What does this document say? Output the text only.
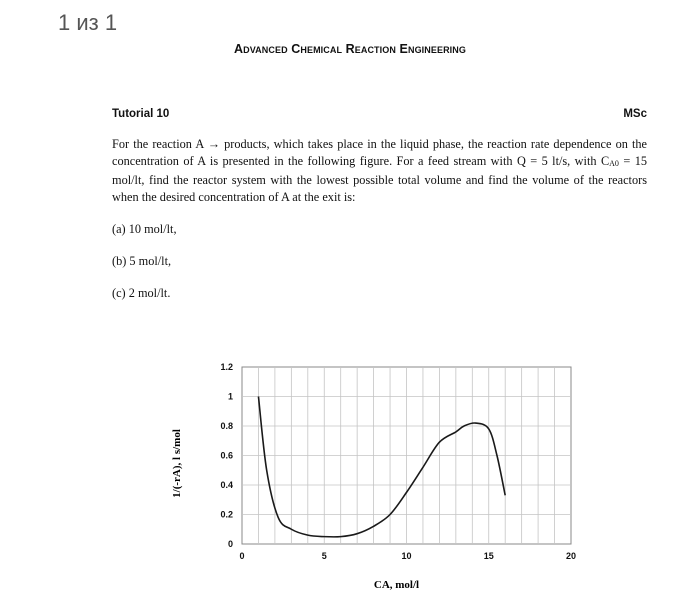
1 из 1
Advanced Chemical Reaction Engineering
Tutorial 10	MSc

For the reaction A → products, which takes place in the liquid phase, the reaction rate dependence on the concentration of A is presented in the following figure. For a feed stream with Q = 5 lt/s, with CA0 = 15 mol/lt, find the reactor system with the lowest possible total volume and find the volume of the reactors when the desired concentration of A at the exit is:

(a) 10 mol/lt,
(b) 5 mol/lt,
(c) 2 mol/lt.
0
0.2
0.4
0.6
0.8
1
1.2
0	5	10	15	20
CA, mol/l
1/(-rA), l s/mol
